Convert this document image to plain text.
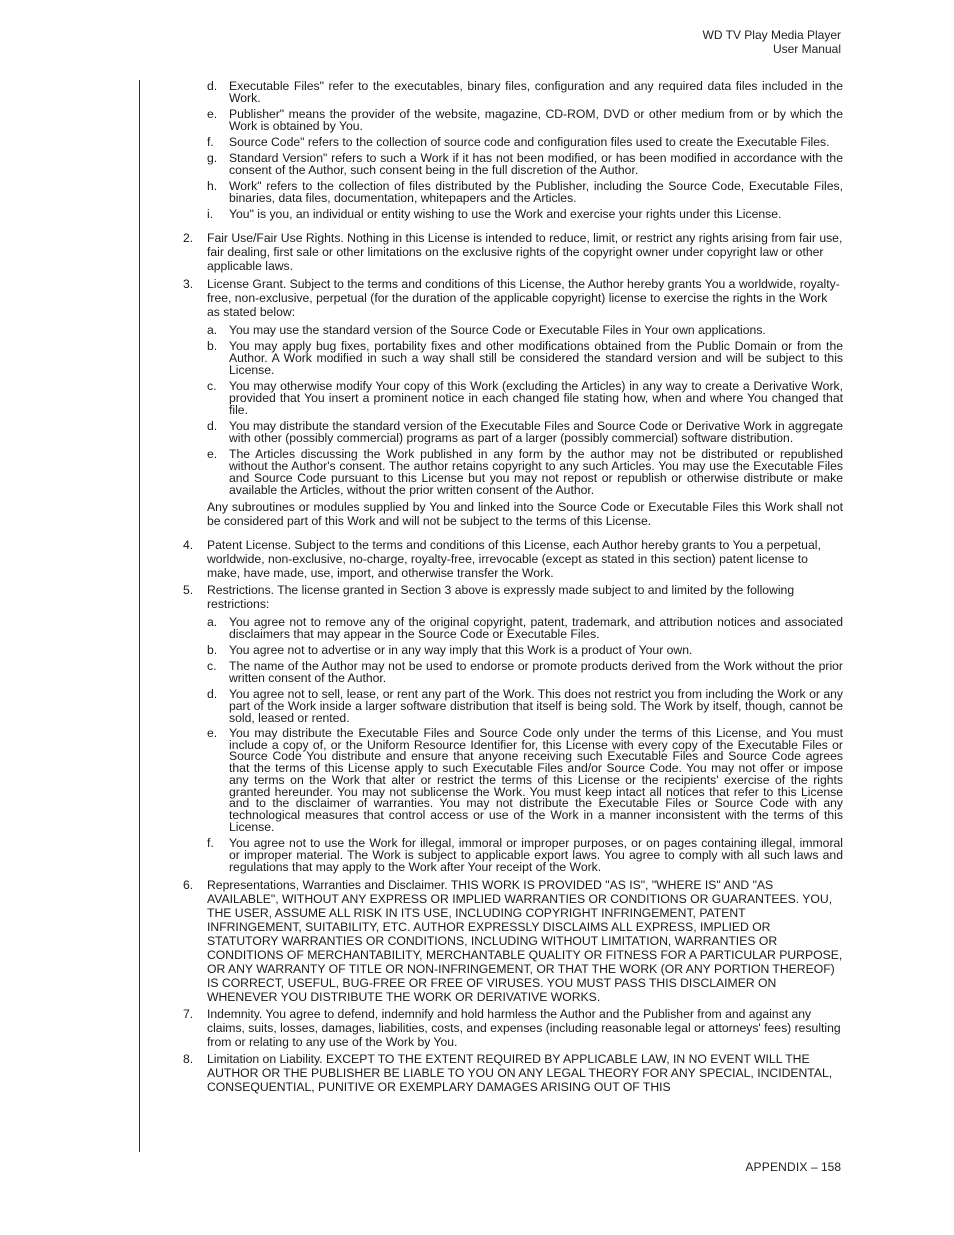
WD TV Play Media Player
User Manual
d. Executable Files" refer to the executables, binary files, configuration and any required data files included in the Work.
e. Publisher" means the provider of the website, magazine, CD-ROM, DVD or other medium from or by which the Work is obtained by You.
f. Source Code" refers to the collection of source code and configuration files used to create the Executable Files.
g. Standard Version" refers to such a Work if it has not been modified, or has been modified in accordance with the consent of the Author, such consent being in the full discretion of the Author.
h. Work" refers to the collection of files distributed by the Publisher, including the Source Code, Executable Files, binaries, data files, documentation, whitepapers and the Articles.
i. You" is you, an individual or entity wishing to use the Work and exercise your rights under this License.
2. Fair Use/Fair Use Rights. Nothing in this License is intended to reduce, limit, or restrict any rights arising from fair use, fair dealing, first sale or other limitations on the exclusive rights of the copyright owner under copyright law or other applicable laws.
3. License Grant. Subject to the terms and conditions of this License, the Author hereby grants You a worldwide, royalty-free, non-exclusive, perpetual (for the duration of the applicable copyright) license to exercise the rights in the Work as stated below:
a. You may use the standard version of the Source Code or Executable Files in Your own applications.
b. You may apply bug fixes, portability fixes and other modifications obtained from the Public Domain or from the Author. A Work modified in such a way shall still be considered the standard version and will be subject to this License.
c. You may otherwise modify Your copy of this Work (excluding the Articles) in any way to create a Derivative Work, provided that You insert a prominent notice in each changed file stating how, when and where You changed that file.
d. You may distribute the standard version of the Executable Files and Source Code or Derivative Work in aggregate with other (possibly commercial) programs as part of a larger (possibly commercial) software distribution.
e. The Articles discussing the Work published in any form by the author may not be distributed or republished without the Author's consent. The author retains copyright to any such Articles. You may use the Executable Files and Source Code pursuant to this License but you may not repost or republish or otherwise distribute or make available the Articles, without the prior written consent of the Author.
Any subroutines or modules supplied by You and linked into the Source Code or Executable Files this Work shall not be considered part of this Work and will not be subject to the terms of this License.
4. Patent License. Subject to the terms and conditions of this License, each Author hereby grants to You a perpetual, worldwide, non-exclusive, no-charge, royalty-free, irrevocable (except as stated in this section) patent license to make, have made, use, import, and otherwise transfer the Work.
5. Restrictions. The license granted in Section 3 above is expressly made subject to and limited by the following restrictions:
a. You agree not to remove any of the original copyright, patent, trademark, and attribution notices and associated disclaimers that may appear in the Source Code or Executable Files.
b. You agree not to advertise or in any way imply that this Work is a product of Your own.
c. The name of the Author may not be used to endorse or promote products derived from the Work without the prior written consent of the Author.
d. You agree not to sell, lease, or rent any part of the Work. This does not restrict you from including the Work or any part of the Work inside a larger software distribution that itself is being sold. The Work by itself, though, cannot be sold, leased or rented.
e. You may distribute the Executable Files and Source Code only under the terms of this License, and You must include a copy of, or the Uniform Resource Identifier for, this License with every copy of the Executable Files or Source Code You distribute and ensure that anyone receiving such Executable Files and Source Code agrees that the terms of this License apply to such Executable Files and/or Source Code. You may not offer or impose any terms on the Work that alter or restrict the terms of this License or the recipients' exercise of the rights granted hereunder. You may not sublicense the Work. You must keep intact all notices that refer to this License and to the disclaimer of warranties. You may not distribute the Executable Files or Source Code with any technological measures that control access or use of the Work in a manner inconsistent with the terms of this License.
f. You agree not to use the Work for illegal, immoral or improper purposes, or on pages containing illegal, immoral or improper material. The Work is subject to applicable export laws. You agree to comply with all such laws and regulations that may apply to the Work after Your receipt of the Work.
6. Representations, Warranties and Disclaimer. THIS WORK IS PROVIDED "AS IS", "WHERE IS" AND "AS AVAILABLE", WITHOUT ANY EXPRESS OR IMPLIED WARRANTIES OR CONDITIONS OR GUARANTEES. YOU, THE USER, ASSUME ALL RISK IN ITS USE, INCLUDING COPYRIGHT INFRINGEMENT, PATENT INFRINGEMENT, SUITABILITY, ETC. AUTHOR EXPRESSLY DISCLAIMS ALL EXPRESS, IMPLIED OR STATUTORY WARRANTIES OR CONDITIONS, INCLUDING WITHOUT LIMITATION, WARRANTIES OR CONDITIONS OF MERCHANTABILITY, MERCHANTABLE QUALITY OR FITNESS FOR A PARTICULAR PURPOSE, OR ANY WARRANTY OF TITLE OR NON-INFRINGEMENT, OR THAT THE WORK (OR ANY PORTION THEREOF) IS CORRECT, USEFUL, BUG-FREE OR FREE OF VIRUSES. YOU MUST PASS THIS DISCLAIMER ON WHENEVER YOU DISTRIBUTE THE WORK OR DERIVATIVE WORKS.
7. Indemnity. You agree to defend, indemnify and hold harmless the Author and the Publisher from and against any claims, suits, losses, damages, liabilities, costs, and expenses (including reasonable legal or attorneys' fees) resulting from or relating to any use of the Work by You.
8. Limitation on Liability. EXCEPT TO THE EXTENT REQUIRED BY APPLICABLE LAW, IN NO EVENT WILL THE AUTHOR OR THE PUBLISHER BE LIABLE TO YOU ON ANY LEGAL THEORY FOR ANY SPECIAL, INCIDENTAL, CONSEQUENTIAL, PUNITIVE OR EXEMPLARY DAMAGES ARISING OUT OF THIS
APPENDIX – 158
